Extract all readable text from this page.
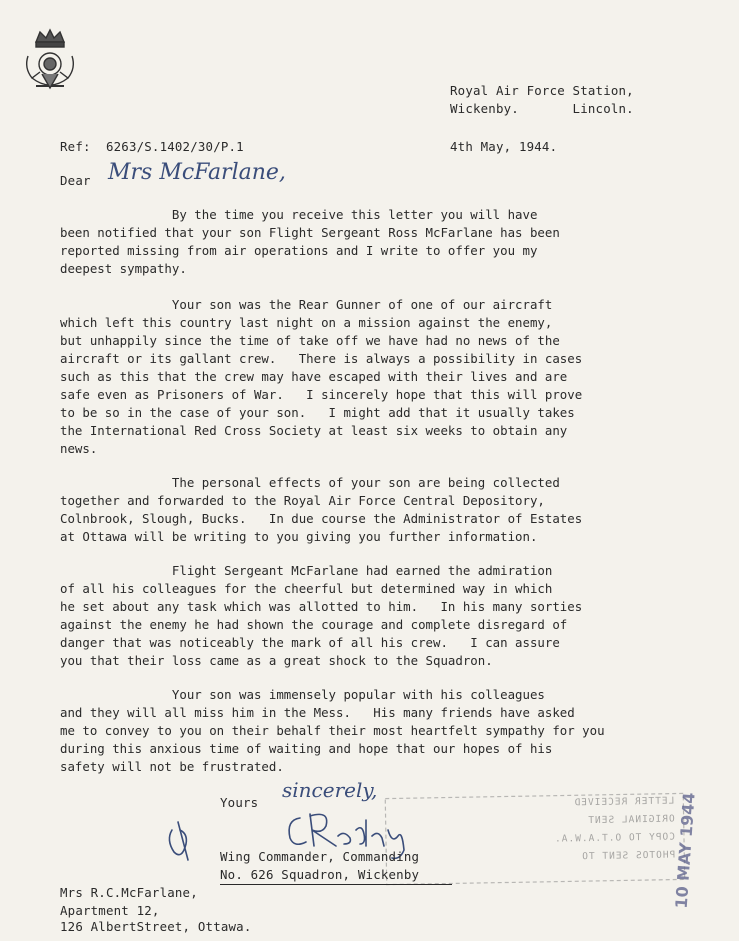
Royal Air Force Station,
Wickenby.       Lincoln.
Ref:  6263/S.1402/30/P.1	4th May, 1944.
Dear Mrs McFarlane,
By the time you receive this letter you will have
been notified that your son Flight Sergeant Ross McFarlane has been
reported missing from air operations and I write to offer you my
deepest sympathy.
Your son was the Rear Gunner of one of our aircraft
which left this country last night on a mission against the enemy,
but unhappily since the time of take off we have had no news of the
aircraft or its gallant crew.   There is always a possibility in cases
such as this that the crew may have escaped with their lives and are
safe even as Prisoners of War.   I sincerely hope that this will prove
to be so in the case of your son.   I might add that it usually takes
the International Red Cross Society at least six weeks to obtain any
news.
The personal effects of your son are being collected
together and forwarded to the Royal Air Force Central Depository,
Colnbrook, Slough, Bucks.   In due course the Administrator of Estates
at Ottawa will be writing to you giving you further information.
Flight Sergeant McFarlane had earned the admiration
of all his colleagues for the cheerful but determined way in which
he set about any task which was allotted to him.   In his many sorties
against the enemy he had shown the courage and complete disregard of
danger that was noticeably the mark of all his crew.   I can assure
you that their loss came as a great shock to the Squadron.
Your son was immensely popular with his colleagues
and they will all miss him in the Mess.   His many friends have asked
me to convey to you on their behalf their most heartfelt sympathy for you
during this anxious time of waiting and hope that our hopes of his
safety will not be frustrated.
Yours
sincerely,	LETTER RECEIVED
ORIGINAL SENT
COPY TO O.T.A.W.A.
PHOTOS SENT TO
10 MAY 1944
Wing Commander, Commanding
No. 626 Squadron, Wickenby
Mrs R.C.McFarlane,
Apartment 12,
126 AlbertStreet, Ottawa.
